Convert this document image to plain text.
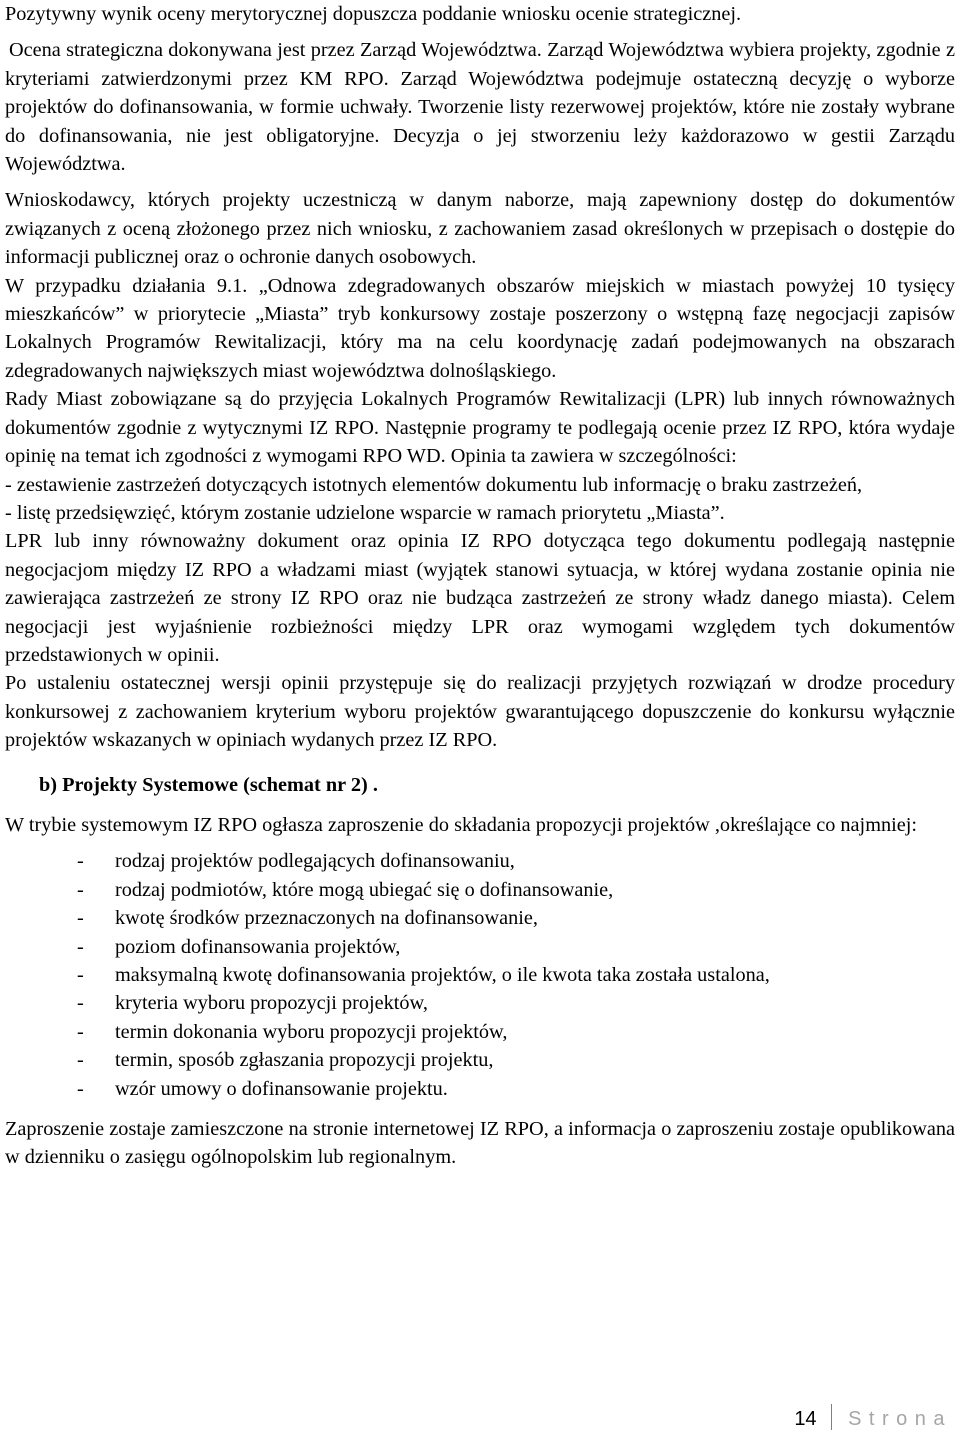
Pozytywny wynik oceny merytorycznej dopuszcza poddanie wniosku ocenie strategicznej.

Ocena strategiczna dokonywana jest przez Zarząd Województwa. Zarząd Województwa wybiera projekty, zgodnie z kryteriami zatwierdzonymi przez KM RPO. Zarząd Województwa podejmuje ostateczną decyzję o wyborze projektów do dofinansowania, w formie uchwały. Tworzenie listy rezerwowej projektów, które nie zostały wybrane do dofinansowania, nie jest obligatoryjne. Decyzja o jej stworzeniu leży każdorazowo w gestii Zarządu Województwa.

Wnioskodawcy, których projekty uczestniczą w danym naborze, mają zapewniony dostęp do dokumentów związanych z oceną złożonego przez nich wniosku, z zachowaniem zasad określonych w przepisach o dostępie do informacji publicznej oraz o ochronie danych osobowych.

W przypadku działania 9.1. „Odnowa zdegradowanych obszarów miejskich w miastach powyżej 10 tysięcy mieszkańców” w priorytecie „Miasta” tryb konkursowy zostaje poszerzony o wstępną fazę negocjacji zapisów Lokalnych Programów Rewitalizacji, który ma na celu koordynację zadań podejmowanych na obszarach zdegradowanych największych miast województwa dolnośląskiego.

Rady Miast zobowiązane są do przyjęcia Lokalnych Programów Rewitalizacji (LPR) lub innych równoważnych dokumentów zgodnie z wytycznymi IZ RPO. Następnie programy te podlegają ocenie przez IZ RPO, która wydaje opinię na temat ich zgodności z wymogami RPO WD. Opinia ta zawiera w szczególności:

- zestawienie zastrzeżeń dotyczących istotnych elementów dokumentu lub informację o braku zastrzeżeń,

- listę przedsięwzięć, którym zostanie udzielone wsparcie w ramach priorytetu „Miasta”.

LPR lub inny równoważny dokument oraz opinia IZ RPO dotycząca tego dokumentu podlegają następnie negocjacjom między IZ RPO a władzami miast (wyjątek stanowi sytuacja, w której wydana zostanie opinia nie zawierająca zastrzeżeń ze strony IZ RPO oraz nie budząca zastrzeżeń ze strony władz danego miasta). Celem negocjacji jest wyjaśnienie rozbieżności między LPR oraz wymogami względem tych dokumentów przedstawionych w opinii.

Po ustaleniu ostatecznej wersji opinii przystępuje się do realizacji przyjętych rozwiązań w drodze procedury konkursowej z zachowaniem kryterium wyboru projektów gwarantującego dopuszczenie do konkursu wyłącznie projektów wskazanych w opiniach wydanych przez IZ RPO.

b) Projekty Systemowe (schemat nr 2) .

W trybie systemowym IZ RPO ogłasza zaproszenie do składania propozycji projektów ,określające co najmniej:

- rodzaj projektów podlegających dofinansowaniu,
- rodzaj podmiotów, które mogą ubiegać się o dofinansowanie,
- kwotę środków przeznaczonych na dofinansowanie,
- poziom dofinansowania projektów,
- maksymalną kwotę dofinansowania projektów, o ile kwota taka została ustalona,
- kryteria wyboru propozycji projektów,
- termin dokonania wyboru propozycji projektów,
- termin, sposób zgłaszania propozycji projektu,
- wzór umowy o dofinansowanie projektu.

Zaproszenie zostaje zamieszczone na stronie internetowej IZ RPO, a informacja o zaproszeniu zostaje opublikowana w dzienniku o zasięgu ogólnopolskim lub regionalnym.

14 Strona
